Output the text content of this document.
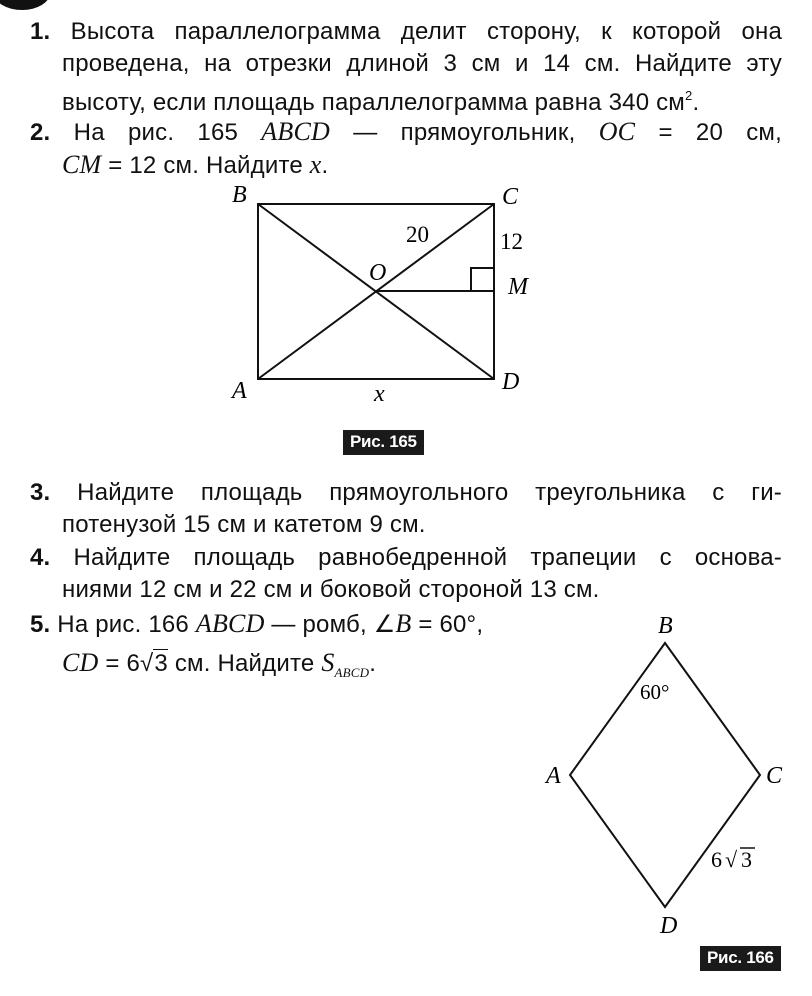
1. Высота параллелограмма делит сторону, к которой она
проведена, на отрезки длиной 3 см и 14 см. Найдите эту
высоту, если площадь параллелограмма равна 340 $см^2$.
2. На рис. 165 ABCD — прямоугольник, OC = 20 см,
CM = 12 см. Найдите x.
B	C
A	D
O
M
20	12
x
Рис. 165
3. Найдите площадь прямоугольного треугольника с ги-
потенузой 15 см и катетом 9 см.
4. Найдите площадь равнобедренной трапеции с основа-
ниями 12 см и 22 см и боковой стороной 13 см.
5. На рис. 166 ABCD — ромб, ∠B = 60°,
CD = 6√3 см. Найдите $S_{ABCD}$.
B
A	C
D
60°
6 √ 3
Рис. 166
